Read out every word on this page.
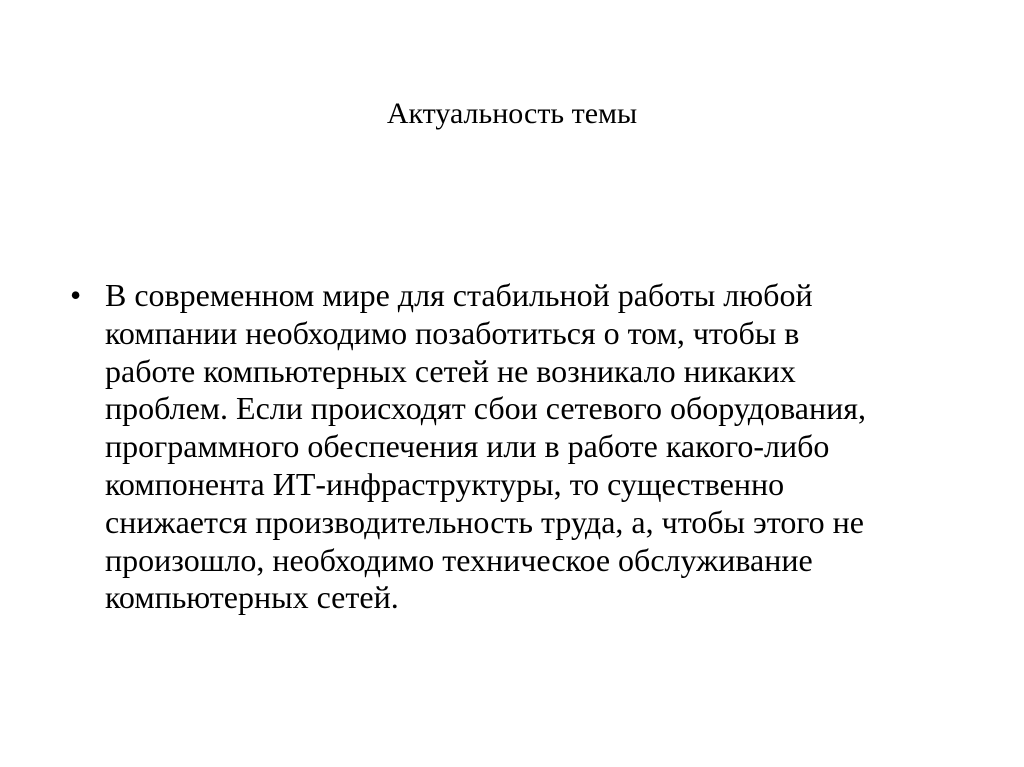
Актуальность темы
• В современном мире для стабильной работы любой
компании необходимо позаботиться о том, чтобы в
работе компьютерных сетей не возникало никаких
проблем. Если происходят сбои сетевого оборудования,
программного обеспечения или в работе какого-либо
компонента ИТ-инфраструктуры, то существенно
снижается производительность труда, а, чтобы этого не
произошло, необходимо техническое обслуживание
компьютерных сетей.
